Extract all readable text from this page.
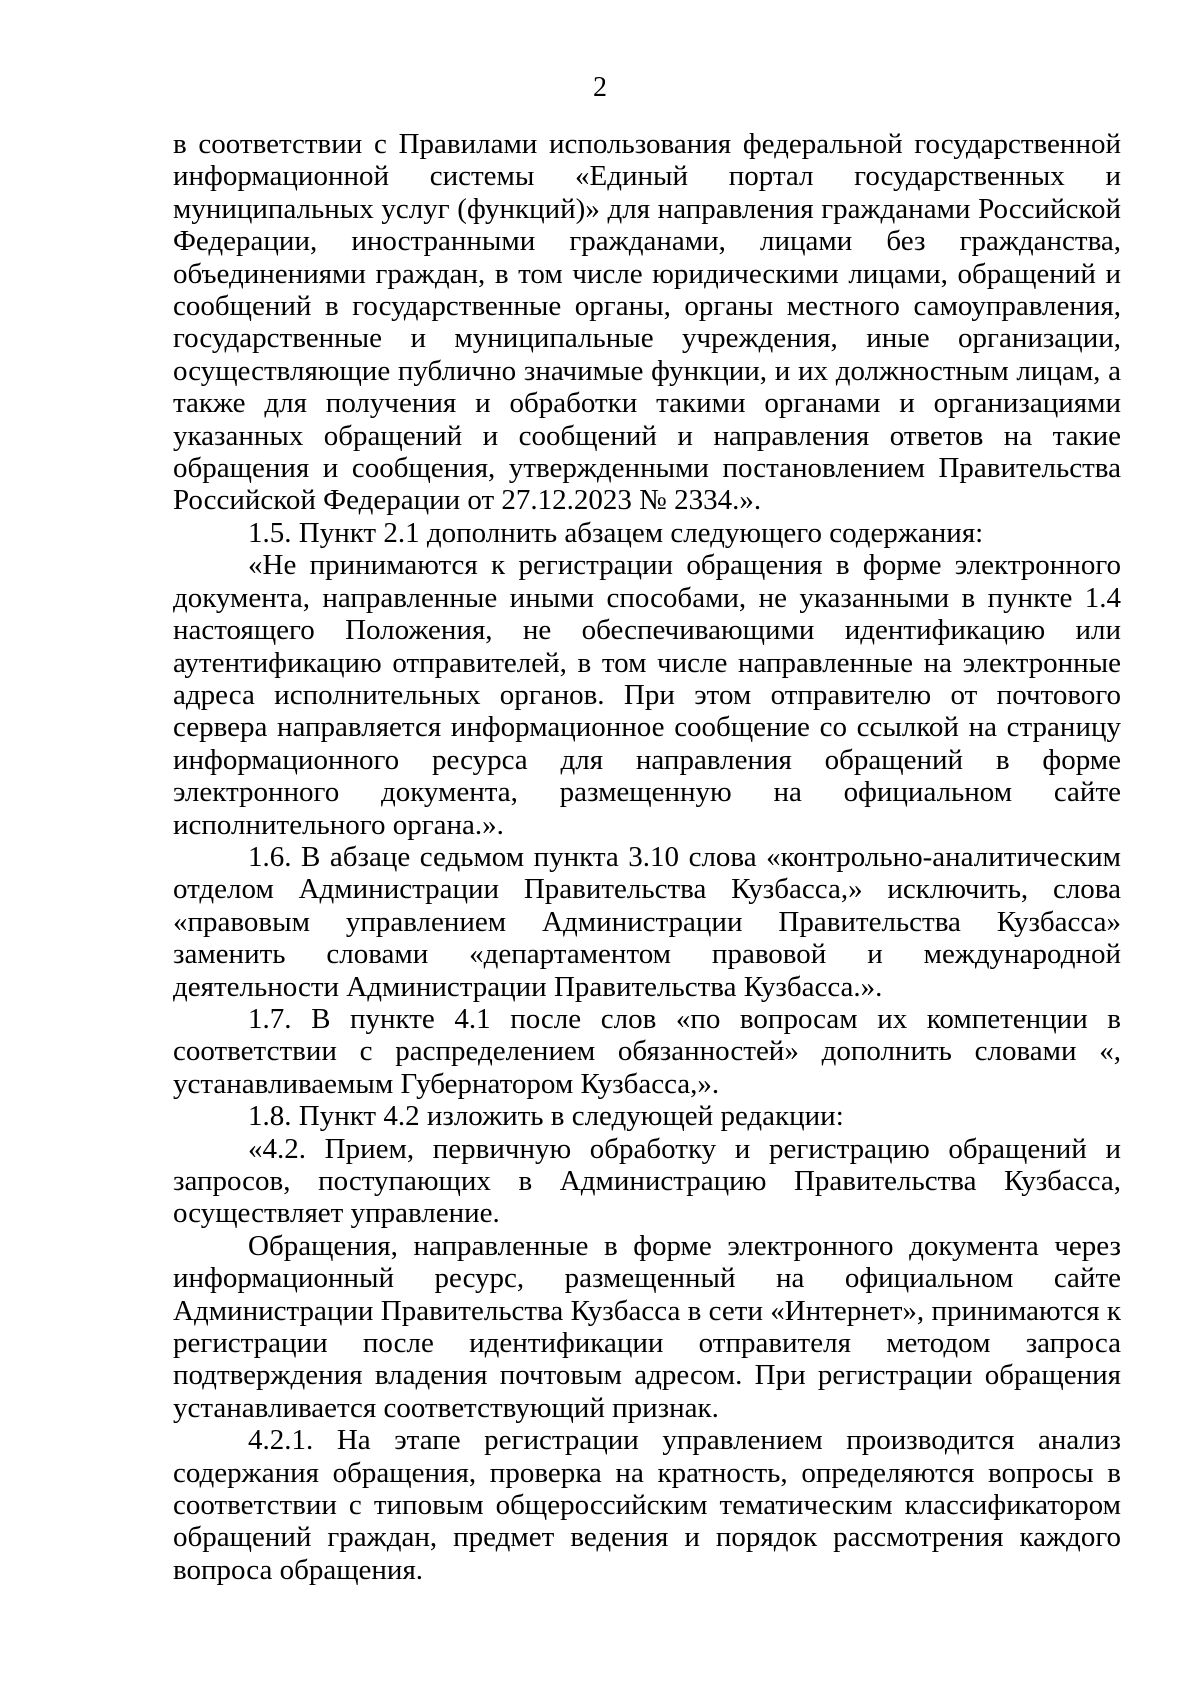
2

в соответствии с Правилами использования федеральной государственной информационной системы «Единый портал государственных и муниципальных услуг (функций)» для направления гражданами Российской Федерации, иностранными гражданами, лицами без гражданства, объединениями граждан, в том числе юридическими лицами, обращений и сообщений в государственные органы, органы местного самоуправления, государственные и муниципальные учреждения, иные организации, осуществляющие публично значимые функции, и их должностным лицам, а также для получения и обработки такими органами и организациями указанных обращений и сообщений и направления ответов на такие обращения и сообщения, утвержденными постановлением Правительства Российской Федерации от 27.12.2023 № 2334.».

1.5. Пункт 2.1 дополнить абзацем следующего содержания:

«Не принимаются к регистрации обращения в форме электронного документа, направленные иными способами, не указанными в пункте 1.4 настоящего Положения, не обеспечивающими идентификацию или аутентификацию отправителей, в том числе направленные на электронные адреса исполнительных органов. При этом отправителю от почтового сервера направляется информационное сообщение со ссылкой на страницу информационного ресурса для направления обращений в форме электронного документа, размещенную на официальном сайте исполнительного органа.».

1.6. В абзаце седьмом пункта 3.10 слова «контрольно-аналитическим отделом Администрации Правительства Кузбасса,» исключить, слова «правовым управлением Администрации Правительства Кузбасса» заменить словами «департаментом правовой и международной деятельности Администрации Правительства Кузбасса.».

1.7. В пункте 4.1 после слов «по вопросам их компетенции в соответствии с распределением обязанностей» дополнить словами «, устанавливаемым Губернатором Кузбасса,».

1.8. Пункт 4.2 изложить в следующей редакции:

«4.2. Прием, первичную обработку и регистрацию обращений и запросов, поступающих в Администрацию Правительства Кузбасса, осуществляет управление.

Обращения, направленные в форме электронного документа через информационный ресурс, размещенный на официальном сайте Администрации Правительства Кузбасса в сети «Интернет», принимаются к регистрации после идентификации отправителя методом запроса подтверждения владения почтовым адресом. При регистрации обращения устанавливается соответствующий признак.

4.2.1. На этапе регистрации управлением производится анализ содержания обращения, проверка на кратность, определяются вопросы в соответствии с типовым общероссийским тематическим классификатором обращений граждан, предмет ведения и порядок рассмотрения каждого вопроса обращения.
